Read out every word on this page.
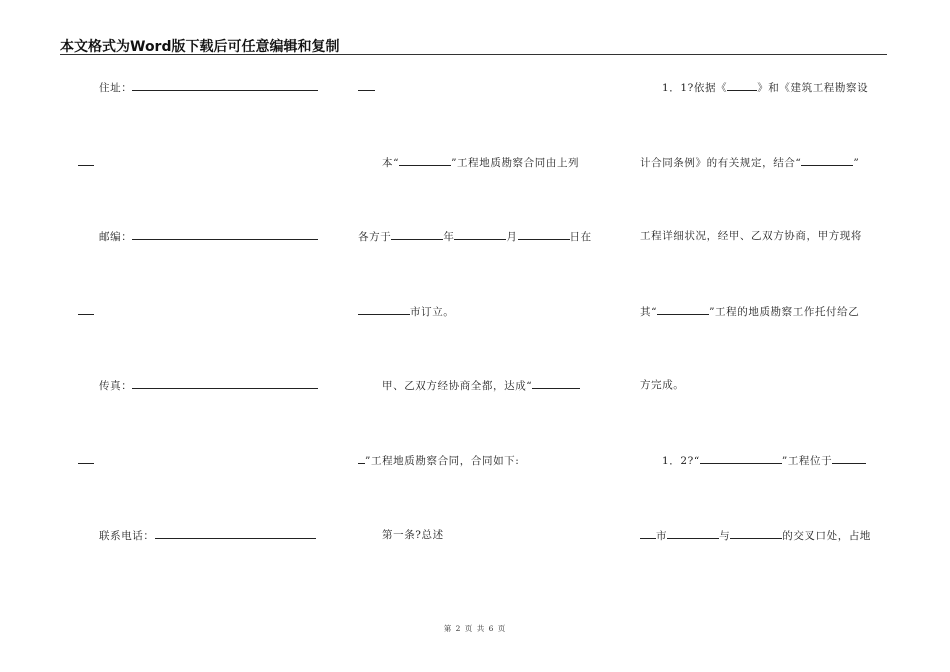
本文格式为Word版下载后可任意编辑和复制
住址：
邮编：
传真：
联系电话：
本“	”工程地质勘察合同由上列
各方于	年	月	日在
市订立。
甲、乙双方经协商全都，达成“
”工程地质勘察合同，合同如下:
第一条?总述
1．1?依据《	》和《建筑工程勘察设
计合同条例》的有关规定，结合“	”
工程详细状况，经甲、乙双方协商，甲方现将
其“	”工程的地质勘察工作托付给乙
方完成。
1．2?“	”工程位于
市	与	的交叉口处，占地
第 2 页 共 6 页
